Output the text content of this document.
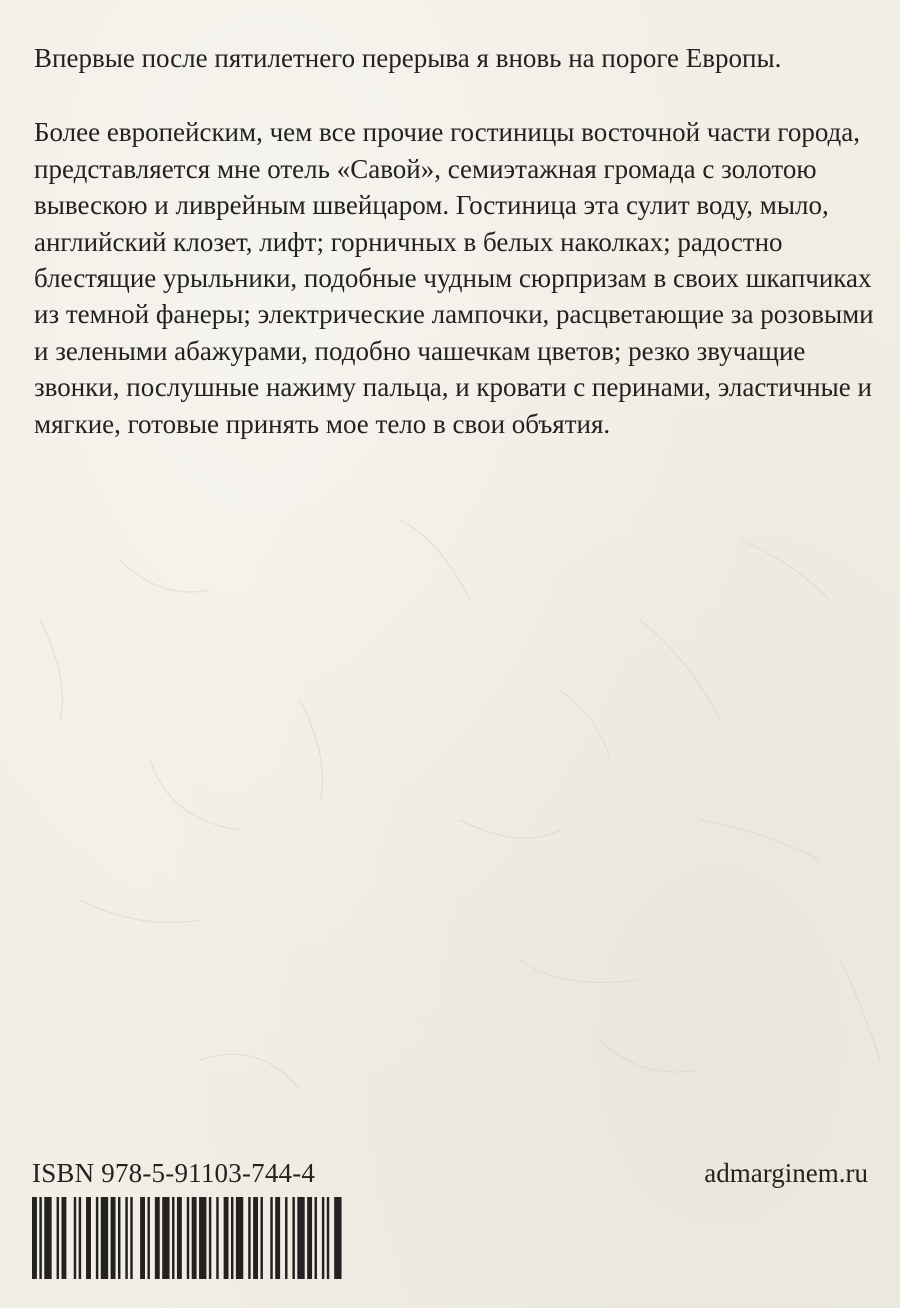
Впервые после пятилетнего перерыва я вновь на пороге Европы.

Более европейским, чем все прочие гостиницы восточной части города, представляется мне отель «Савой», семиэтажная громада с золотою вывескою и ливрейным швейцаром. Гостиница эта сулит воду, мыло, английский клозет, лифт; горничных в белых наколках; радостно блестящие урыльники, подобные чудным сюрпризам в своих шкапчиках из темной фанеры; электрические лампочки, расцветающие за розовыми и зелеными абажурами, подобно чашечкам цветов; резко звучащие звонки, послушные нажиму пальца, и кровати с перинами, эластичные и мягкие, готовые принять мое тело в свои объятия.

ISBN 978-5-91103-744-4	admarginem.ru
